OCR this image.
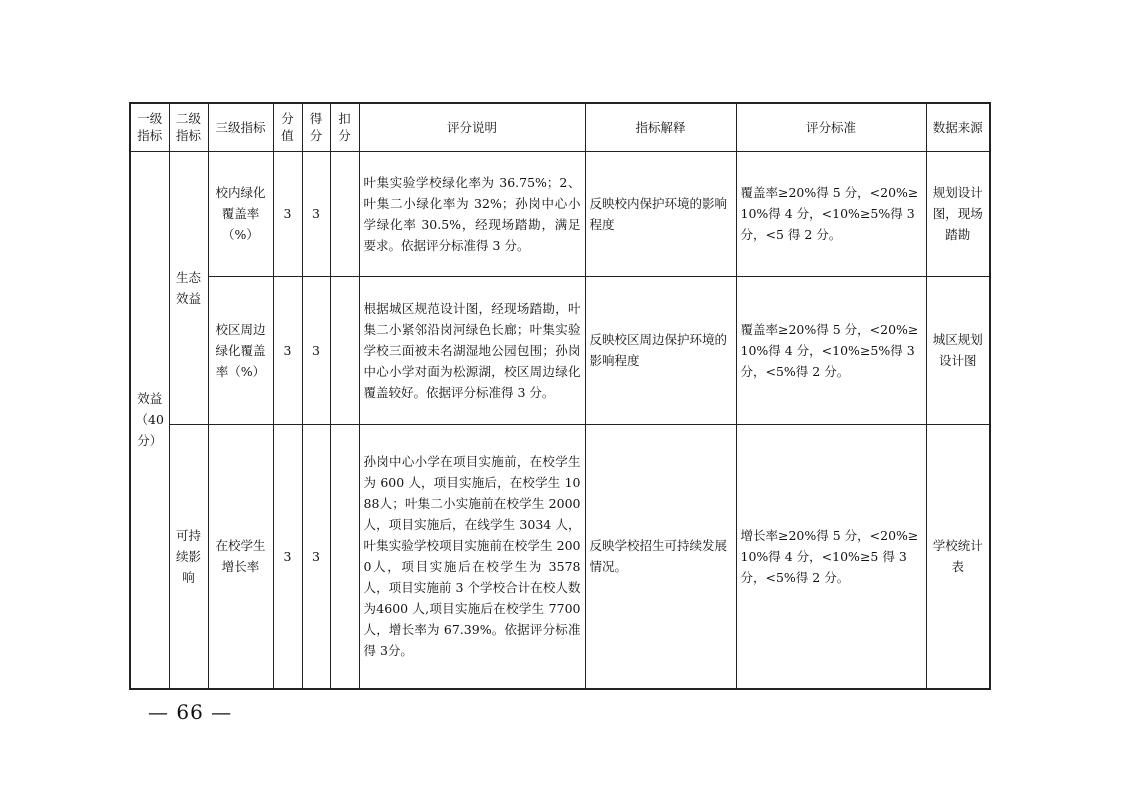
一级指标	二级指标	三级指标	分值	得分	扣分	评分说明	指标解释	评分标准	数据来源
效益（40分）	生态效益	校内绿化覆盖率（%）	3	3		叶集实验学校绿化率为 36.75%；2、叶集二小绿化率为 32%；孙岗中心小学绿化率 30.5%，经现场踏勘，满足要求。依据评分标准得 3 分。	反映校内保护环境的影响程度	覆盖率≥20%得 5 分，<20%≥10%得 4 分，<10%≥5%得 3 分，<5 得 2 分。	规划设计图，现场踏勘
		校区周边绿化覆盖率（%）	3	3		根据城区规范设计图，经现场踏勘，叶集二小紧邻沿岗河绿色长廊；叶集实验学校三面被未名湖湿地公园包围；孙岗中心小学对面为松源湖，校区周边绿化覆盖较好。依据评分标准得 3 分。	反映校区周边保护环境的影响程度	覆盖率≥20%得 5 分，<20%≥10%得 4 分，<10%≥5%得 3 分，<5%得 2 分。	城区规划设计图
	可持续影响	在校学生增长率	3	3		孙岗中心小学在项目实施前，在校学生为 600 人，项目实施后，在校学生 1088人；叶集二小实施前在校学生 2000 人，项目实施后，在线学生 3034 人，叶集实验学校项目实施前在校学生 2000人，项目实施后在校学生为 3578 人，项目实施前 3 个学校合计在校人数为4600 人,项目实施后在校学生 7700 人，增长率为 67.39%。依据评分标准得 3分。	反映学校招生可持续发展情况。	增长率≥20%得 5 分，<20%≥10%得 4 分，<10%≥5 得 3 分，<5%得 2 分。	学校统计表
— 66 —
